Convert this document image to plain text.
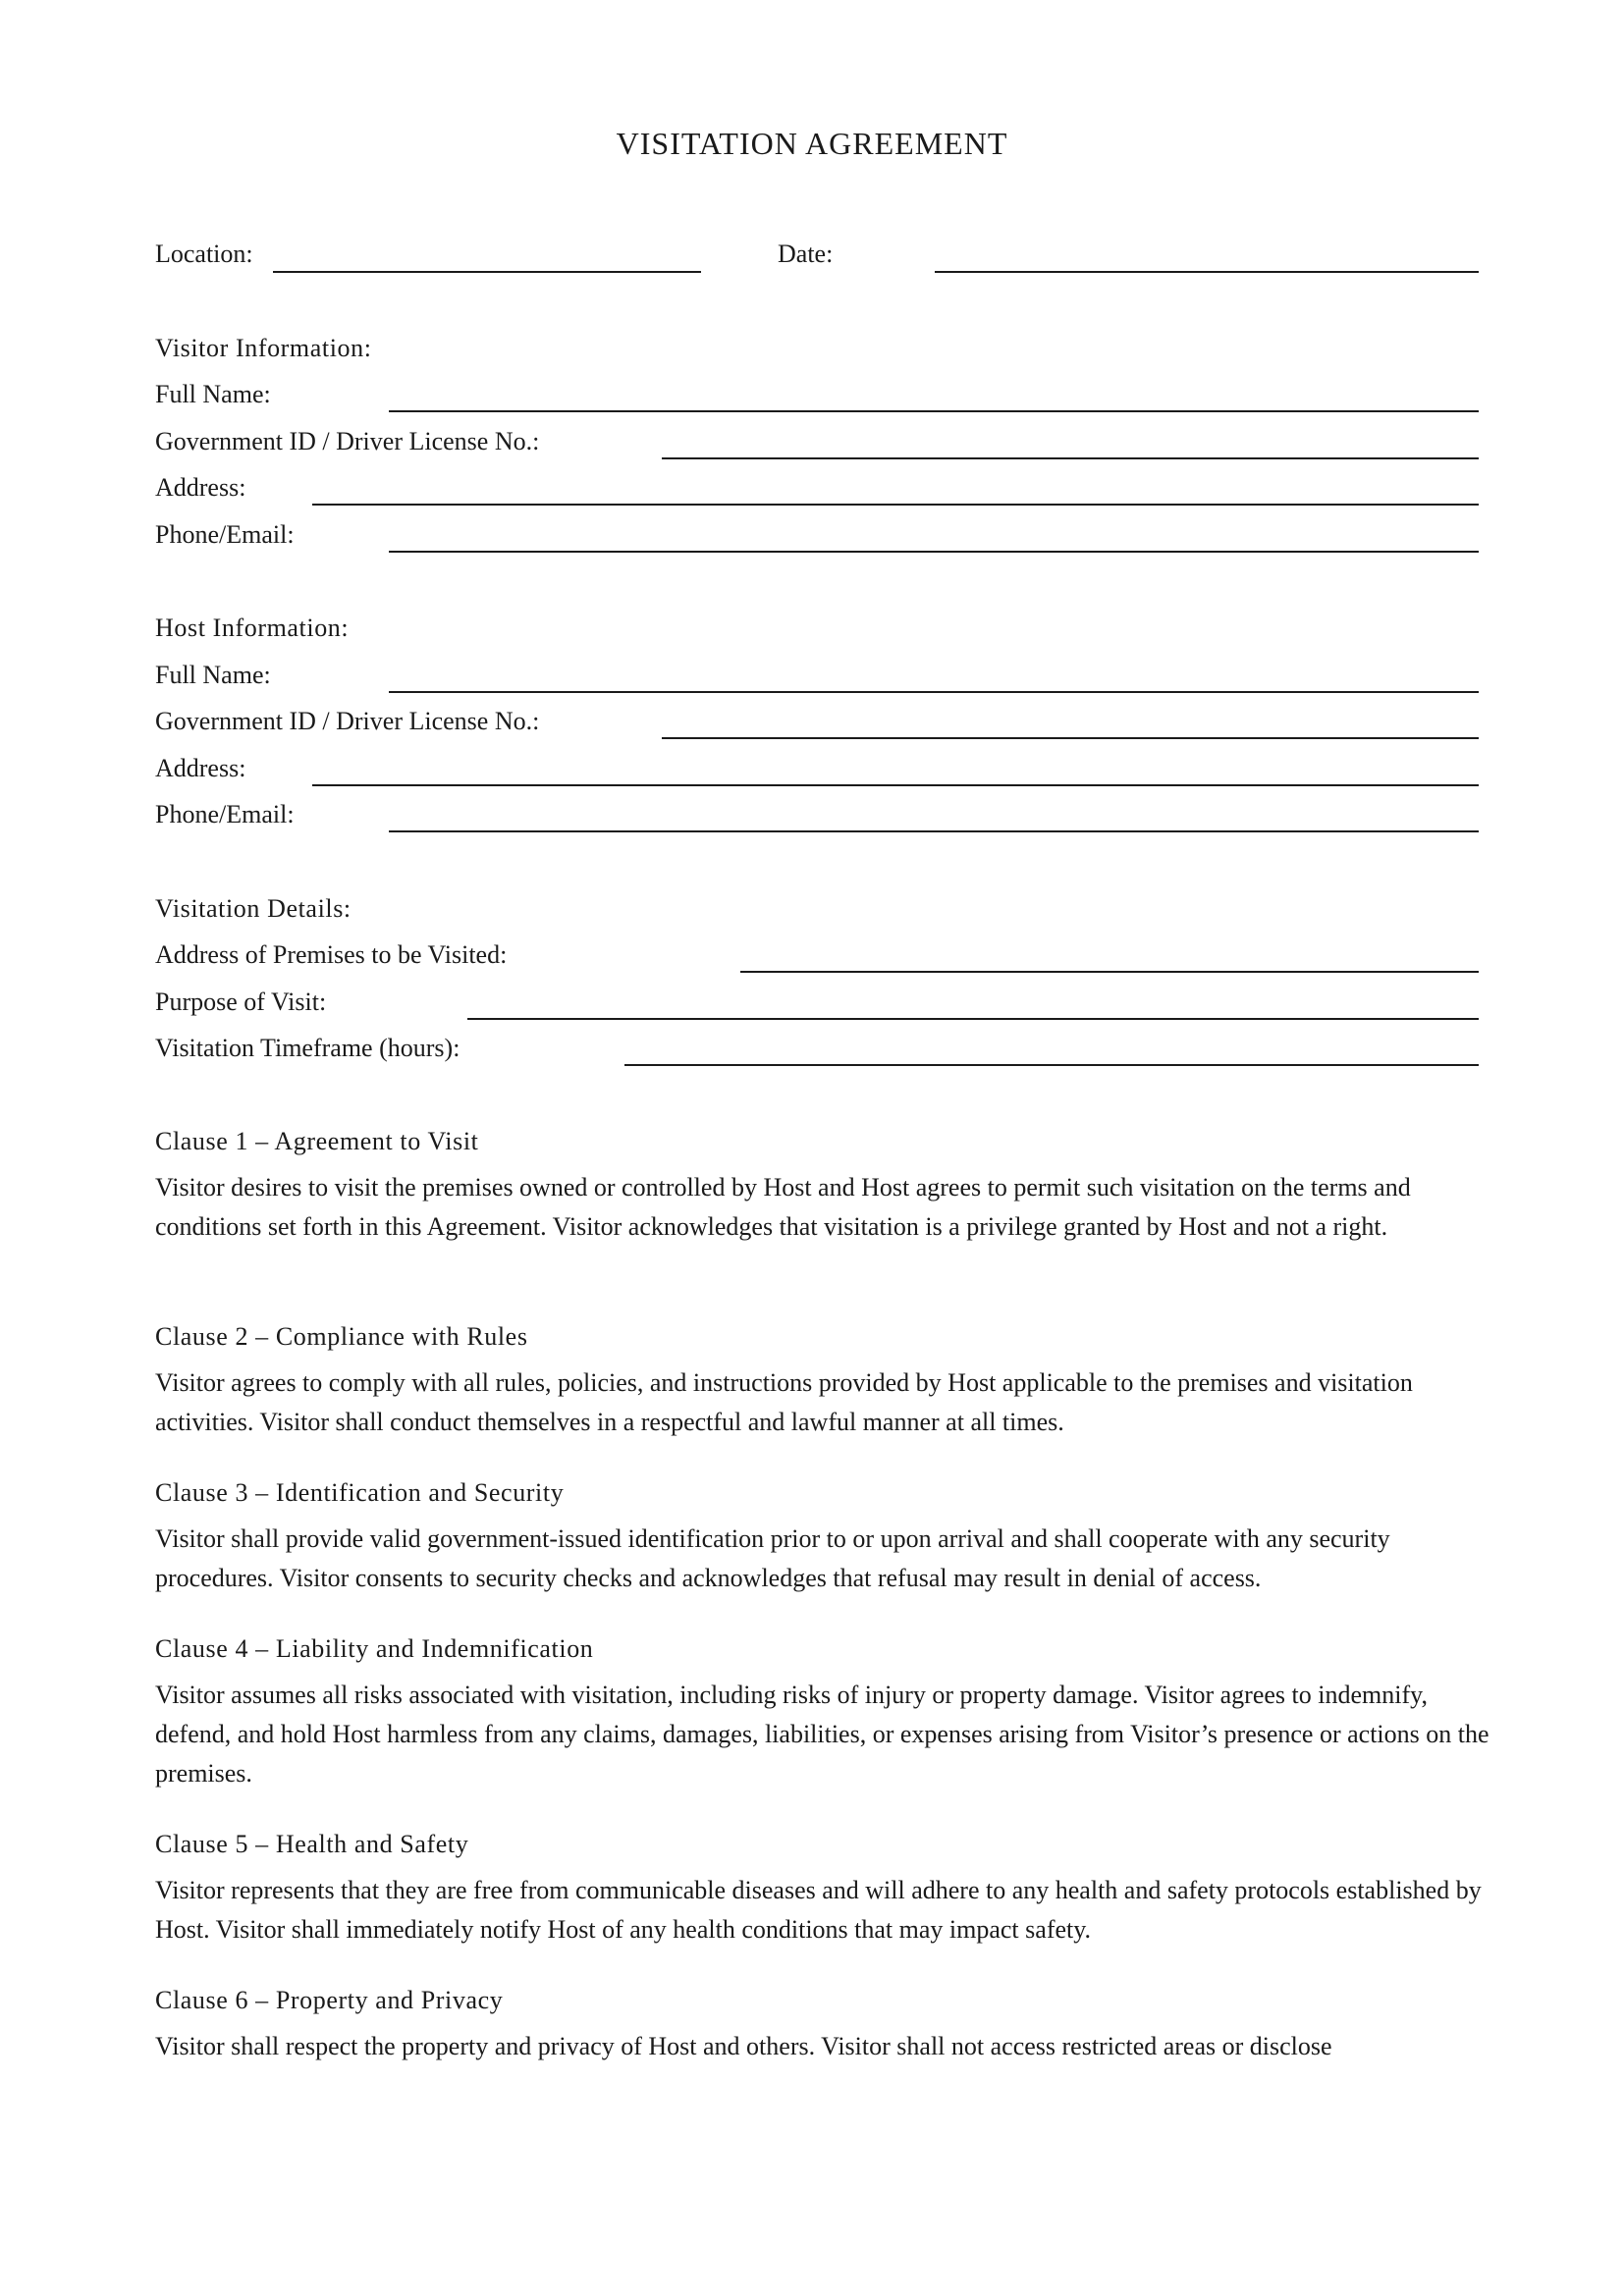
VISITATION AGREEMENT
Location:	Date:
Visitor Information:
Full Name:
Government ID / Driver License No.:
Address:
Phone/Email:
Host Information:
Full Name:
Government ID / Driver License No.:
Address:
Phone/Email:
Visitation Details:
Address of Premises to be Visited:
Purpose of Visit:
Visitation Timeframe (hours):
Clause 1 – Agreement to Visit
Visitor desires to visit the premises owned or controlled by Host and Host agrees to permit such visitation on the terms and conditions set forth in this Agreement. Visitor acknowledges that visitation is a privilege granted by Host and not a right.
Clause 2 – Compliance with Rules
Visitor agrees to comply with all rules, policies, and instructions provided by Host applicable to the premises and visitation activities. Visitor shall conduct themselves in a respectful and lawful manner at all times.
Clause 3 – Identification and Security
Visitor shall provide valid government-issued identification prior to or upon arrival and shall cooperate with any security procedures. Visitor consents to security checks and acknowledges that refusal may result in denial of access.
Clause 4 – Liability and Indemnification
Visitor assumes all risks associated with visitation, including risks of injury or property damage. Visitor agrees to indemnify, defend, and hold Host harmless from any claims, damages, liabilities, or expenses arising from Visitor’s presence or actions on the premises.
Clause 5 – Health and Safety
Visitor represents that they are free from communicable diseases and will adhere to any health and safety protocols established by Host. Visitor shall immediately notify Host of any health conditions that may impact safety.
Clause 6 – Property and Privacy
Visitor shall respect the property and privacy of Host and others. Visitor shall not access restricted areas or disclose
